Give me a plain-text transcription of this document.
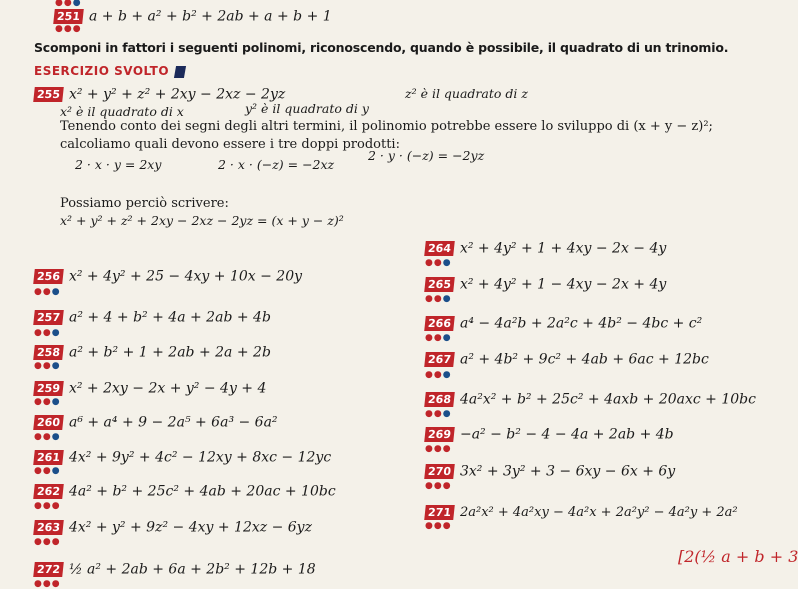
●●●
251 a + b + a² + b² + 2ab + a + b + 1
●●●
Scomponi in fattori i seguenti polinomi, riconoscendo, quando è possibile, il quadrato di un trinomio.
ESERCIZIO SVOLTO
255 x² + y² + z² + 2xy − 2xz − 2yz
x² è il quadrato di x	y² è il quadrato di y
z² è il quadrato di z
Tenendo conto dei segni degli altri termini, il polinomio potrebbe essere lo sviluppo di (x + y − z)²;
calcoliamo quali devono essere i tre doppi prodotti:
2 · x · y = 2xy	2 · x · (−z) = −2xz
2 · y · (−z) = −2yz
Possiamo perciò scrivere:
x² + y² + z² + 2xy − 2xz − 2yz = (x + y − z)²
256 x² + 4y² + 25 − 4xy + 10x − 20y
●●●
257 a² + 4 + b² + 4a + 2ab + 4b
●●●
258 a² + b² + 1 + 2ab + 2a + 2b
●●●
259 x² + 2xy − 2x + y² − 4y + 4
●●●
260 a⁶ + a⁴ + 9 − 2a⁵ + 6a³ − 6a²
●●●
261 4x² + 9y² + 4c² − 12xy + 8xc − 12yc
●●●
262 4a² + b² + 25c² + 4ab + 20ac + 10bc
●●●
263 4x² + y² + 9z² − 4xy + 12xz − 6yz
●●●
272 ½ a² + 2ab + 6a + 2b² + 12b + 18
●●●
264 x² + 4y² + 1 + 4xy − 2x − 4y
●●●
265 x² + 4y² + 1 − 4xy − 2x + 4y
●●●
266 a⁴ − 4a²b + 2a²c + 4b² − 4bc + c²
●●●
267 a² + 4b² + 9c² + 4ab + 6ac + 12bc
●●●
268 4a²x² + b² + 25c² + 4axb + 20axc + 10bc
●●●
269 −a² − b² − 4 − 4a + 2ab + 4b
●●●
270 3x² + 3y² + 3 − 6xy − 6x + 6y
●●●
271 2a²x² + 4a²xy − 4a²x + 2a²y² − 4a²y + 2a²
●●●
[2(½ a + b + 3
